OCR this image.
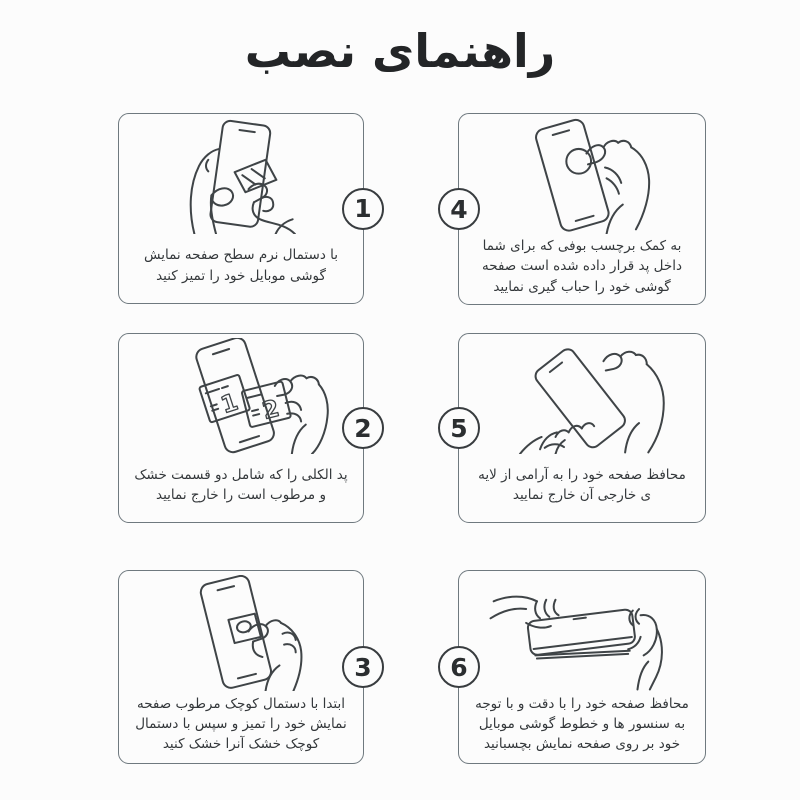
راهنمای نصب
1
با دستمال نرم سطح صفحه نمایش گوشی موبایل خود را تمیز کنید
2
1 2
پد الکلی را که شامل دو قسمت خشک و مرطوب است را خارج نمایید
3
ابتدا با دستمال کوچک مرطوب صفحه نمایش خود را تمیز و سپس با دستمال کوچک خشک آنرا خشک کنید
4
به کمک برچسب بوفی که برای شما داخل پد قرار داده شده است صفحه گوشی خود را حباب گیری نمایید
5
محافظ صفحه خود را به آرامی از لایه ی خارجی آن خارج نمایید
6
محافظ صفحه خود را با دقت و با توجه به سنسور ها و خطوط گوشی موبایل خود بر روی صفحه نمایش بچسبانید
